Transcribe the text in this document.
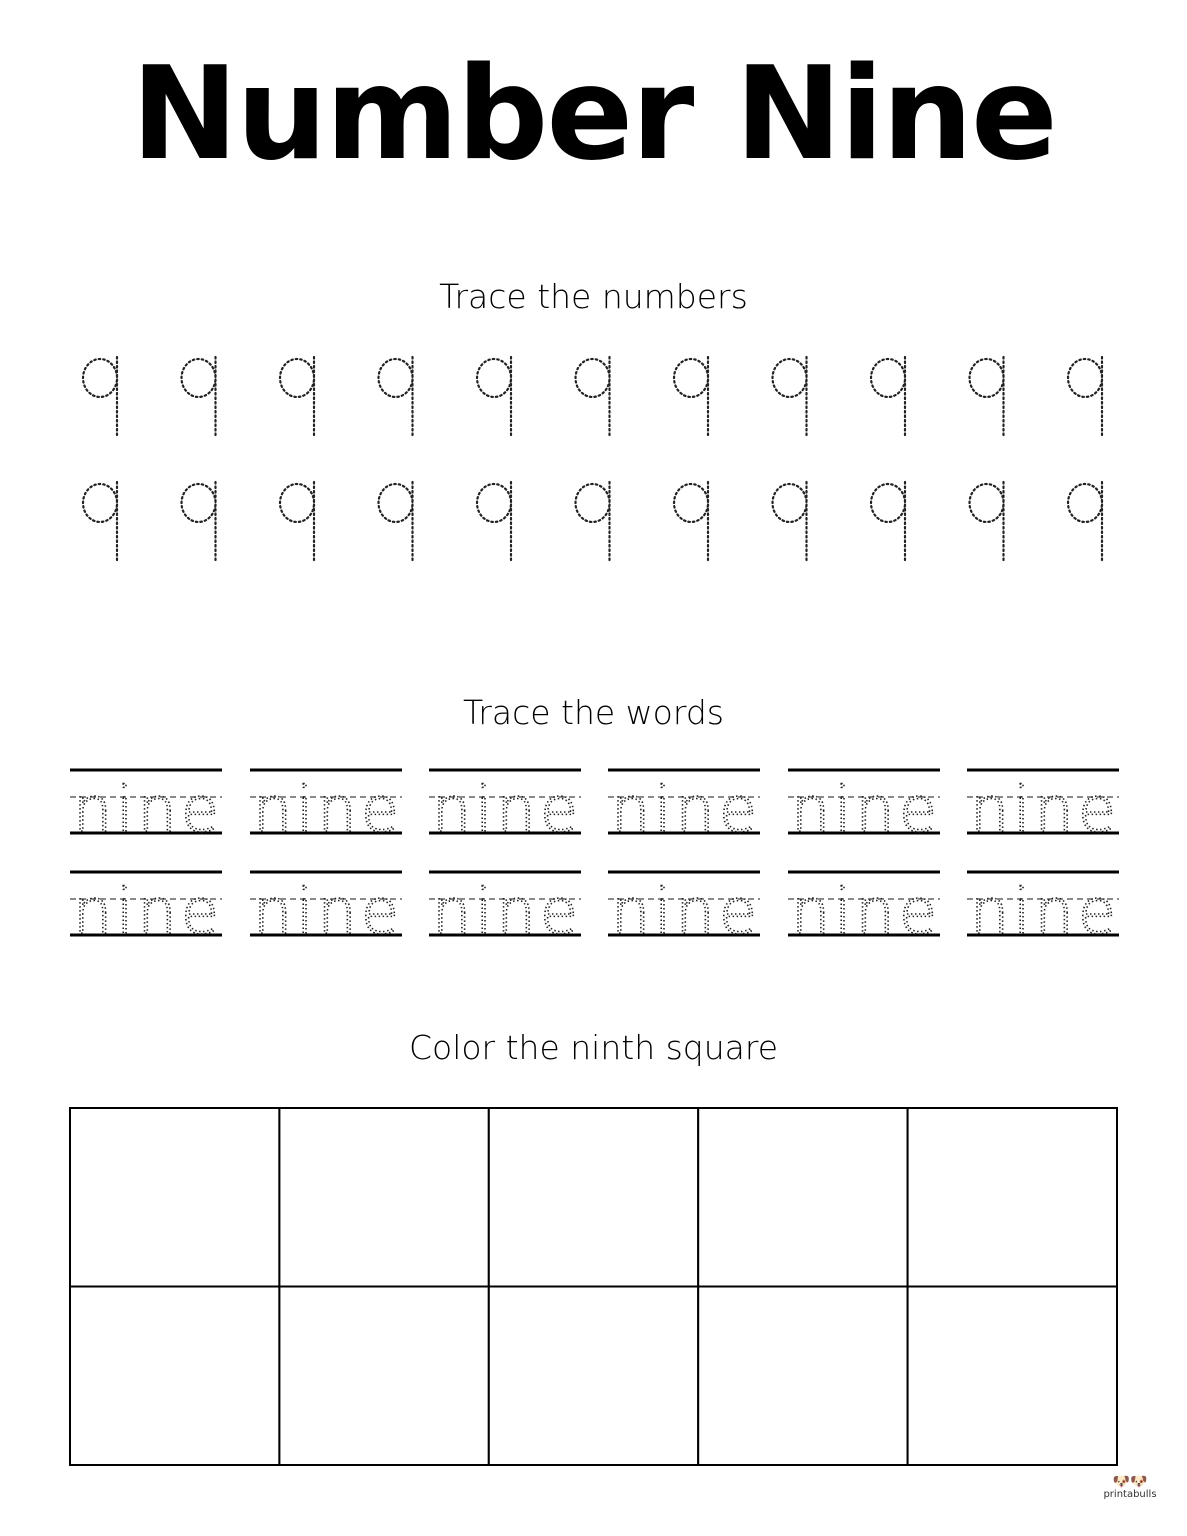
Number Nine
Trace the numbers
Trace the words
Color the ninth square
nine nine nine nine nine nine
nine nine nine nine nine nine
🐶🐶
printabulls
